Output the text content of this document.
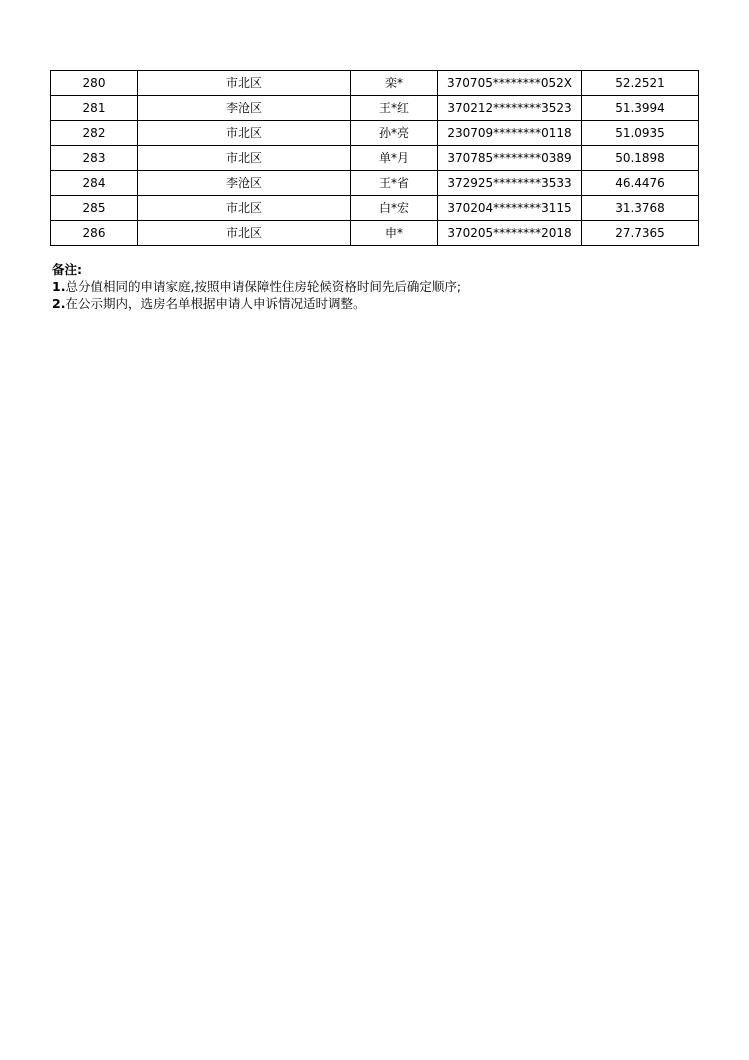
280	市北区	栾*	370705********052X	52.2521
281	李沧区	王*红	370212********3523	51.3994
282	市北区	孙*亮	230709********0118	51.0935
283	市北区	单*月	370785********0389	50.1898
284	李沧区	王*省	372925********3533	46.4476
285	市北区	白*宏	370204********3115	31.3768
286	市北区	申*	370205********2018	27.7365
备注:
1.总分值相同的申请家庭,按照申请保障性住房轮候资格时间先后确定顺序;
2.在公示期内，选房名单根据申请人申诉情况适时调整。
